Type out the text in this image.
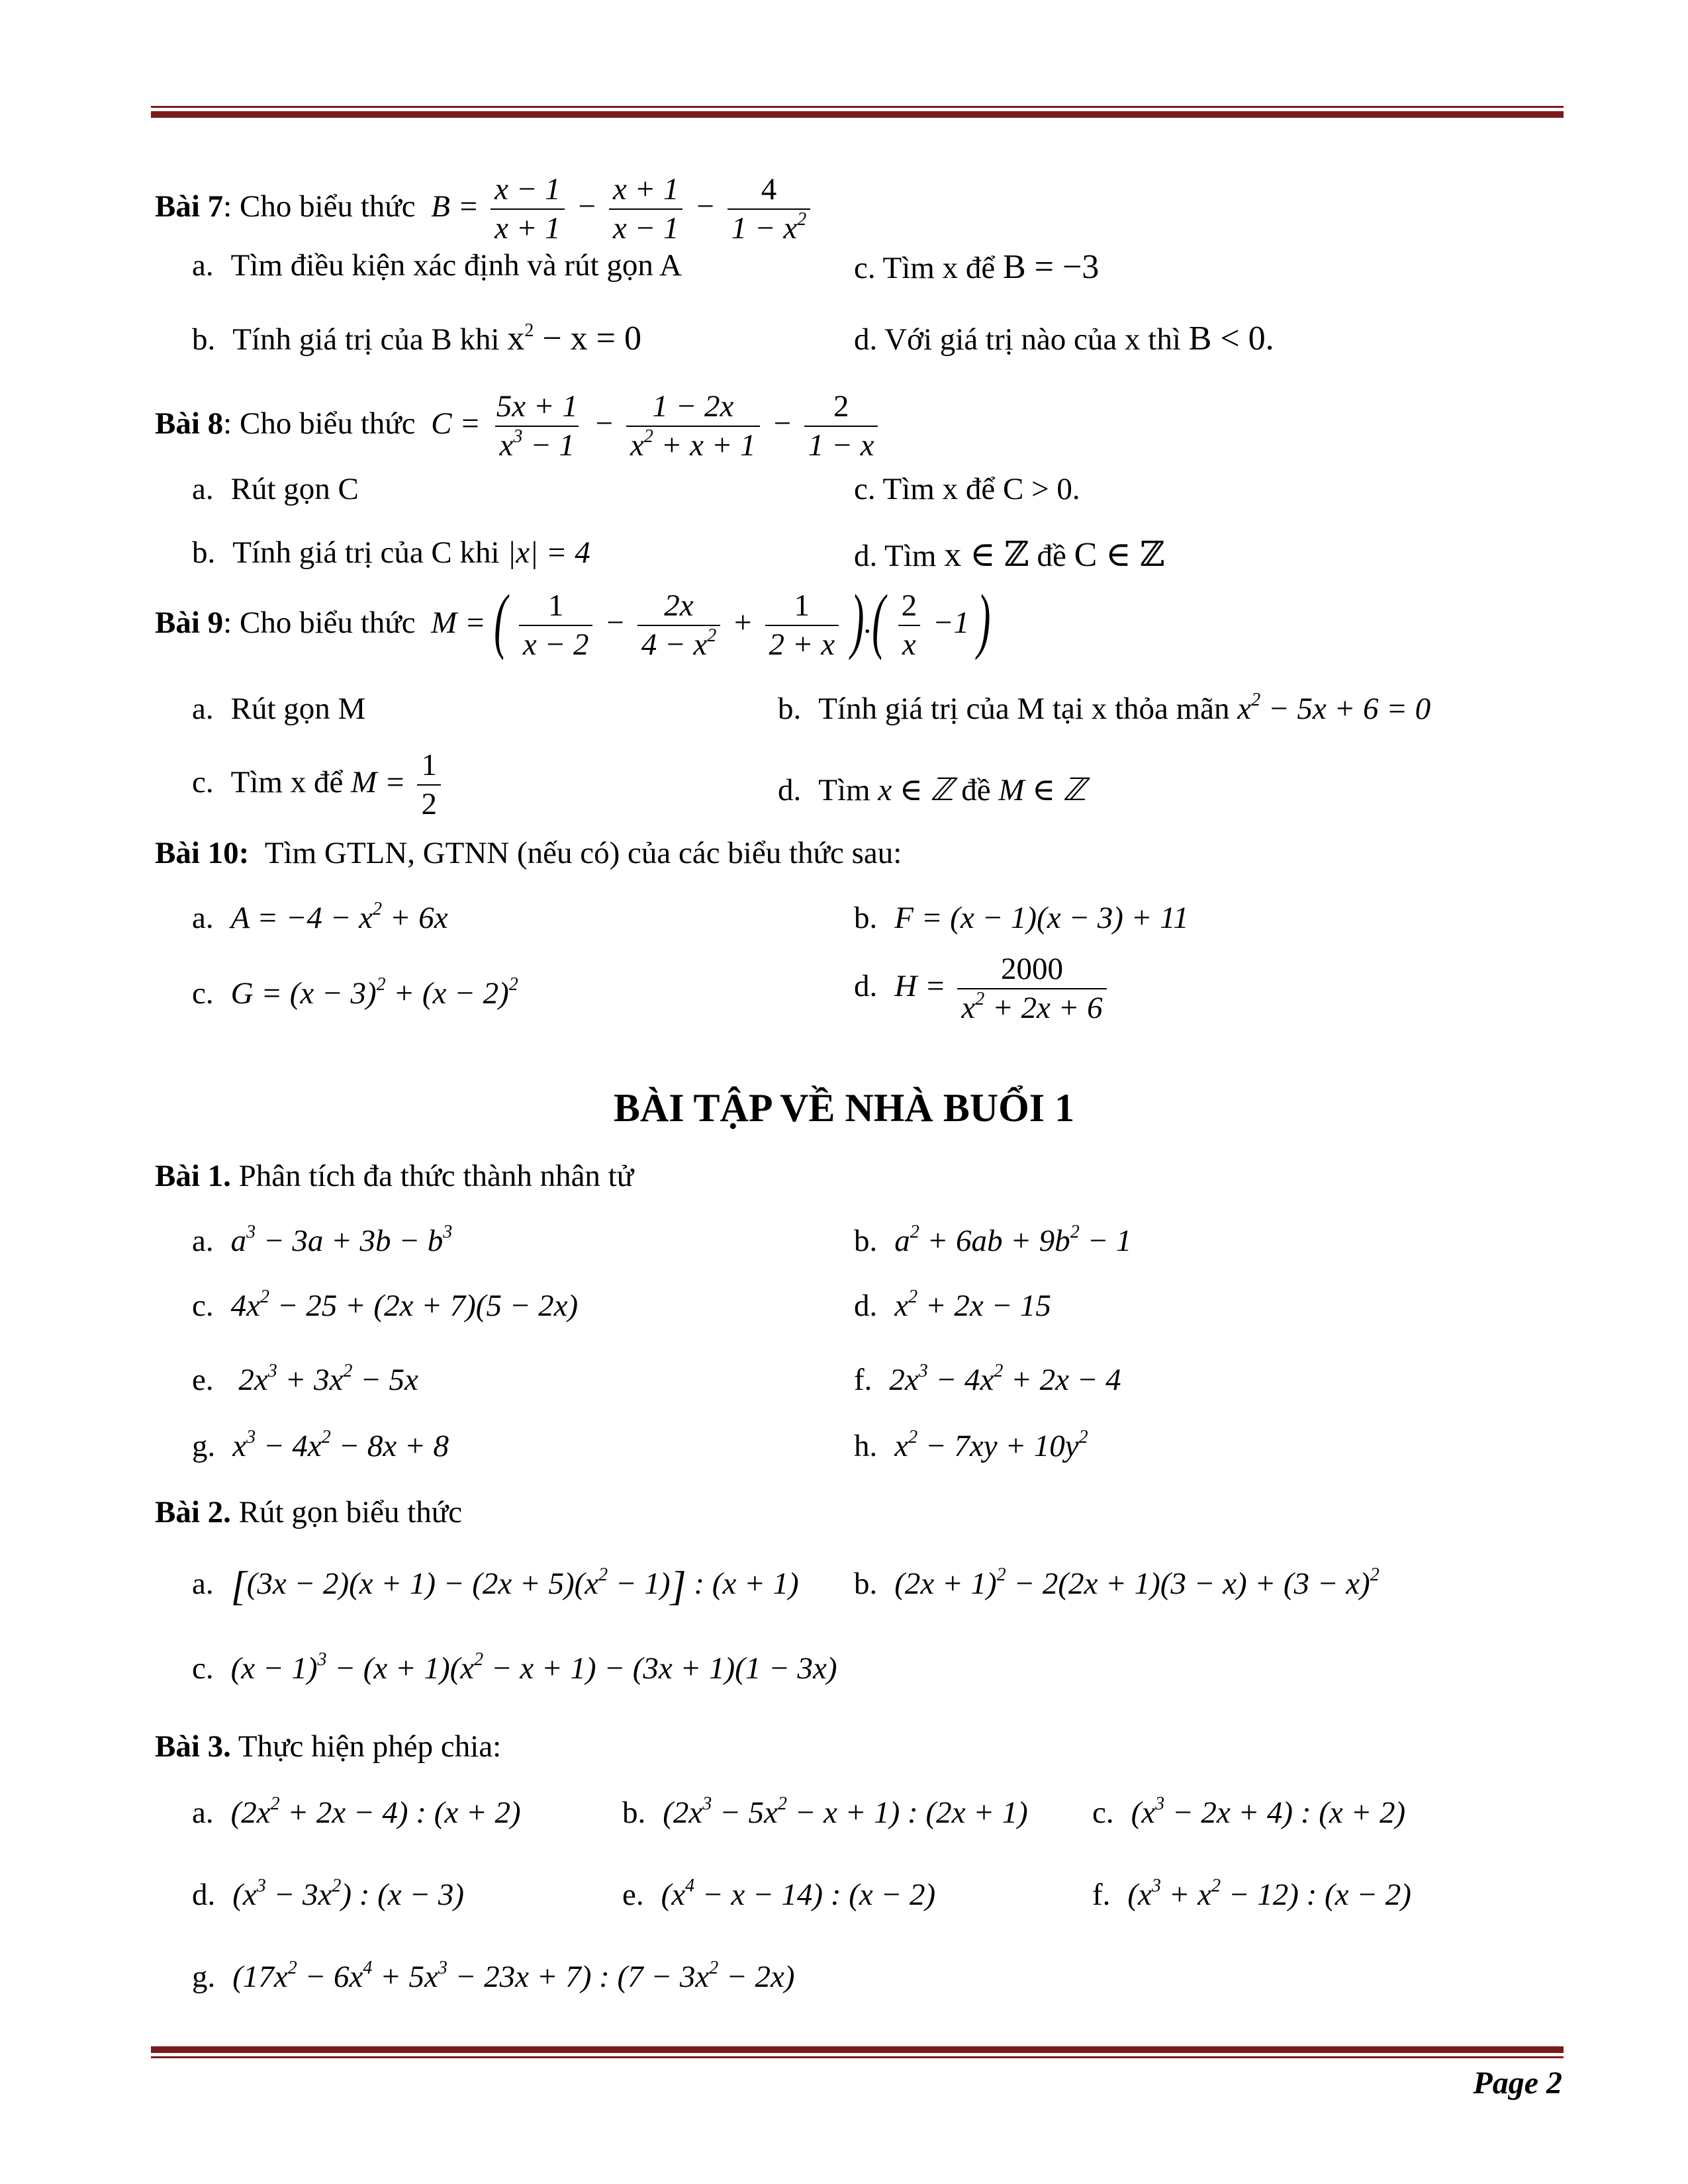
Bài 7: Cho biểu thức $B = \frac{x - 1}{x + 1} - \frac{x + 1}{x - 1} - \frac{4}{1 - x^2}$
a. Tìm điều kiện xác định và rút gọn A	c. Tìm x để B = −3
b. Tính giá trị của B khi $x^2 - x = 0$	d. Với giá trị nào của x thì B < 0.
Bài 8: Cho biểu thức $C = \frac{5x + 1}{x^3 - 1} - \frac{1 - 2x}{x^2 + x + 1} - \frac{2}{1 - x}$
a. Rút gọn C	c. Tìm x để C > 0.
b. Tính giá trị của C khi |x| = 4	d. Tìm x ∈ ℤ đề C ∈ ℤ
Bài 9: Cho biểu thức M = ( $\frac{1}{x - 2} - \frac{2x}{4 - x^2} + \frac{1}{2 + x}$ ).( $\frac{2}{x} -1$ )
a. Rút gọn M	b. Tính giá trị của M tại x thỏa mãn $x^2 - 5x + 6 = 0$
c. Tìm x để $M = \frac{1}{2}$	d. Tìm x ∈ ℤ đề M ∈ ℤ
Bài 10: Tìm GTLN, GTNN (nếu có) của các biểu thức sau:
a. $A = -4 - x^2 + 6x$	b. F = (x − 1)(x − 3) + 11
c. $G = (x - 3)^2 + (x - 2)^2$	d. $H = \frac{2000}{x^2 + 2x + 6}$
BÀI TẬP VỀ NHÀ BUỔI 1
Bài 1. Phân tích đa thức thành nhân tử
a. $a^3 - 3a + 3b - b^3$	b. $a^2 + 6ab + 9b^2 - 1$
c. $4x^2 - 25 + (2x + 7)(5 - 2x)$	d. $x^2 + 2x - 15$
e. $2x^3 + 3x^2 - 5x$	f. $2x^3 - 4x^2 + 2x - 4$
g. $x^3 - 4x^2 - 8x + 8$	h. $x^2 - 7xy + 10y^2$
Bài 2. Rút gọn biểu thức
a. $[(3x - 2)(x + 1) - (2x + 5)(x^2 - 1)]$ : (x + 1) b. $(2x + 1)^2 - 2(2x + 1)(3 - x) + (3 - x)^2$
c. $(x - 1)^3 - (x + 1)(x^2 - x + 1) - (3x + 1)(1 - 3x)$
Bài 3. Thực hiện phép chia:
a. $(2x^2 + 2x - 4)$ : (x + 2)	b. $(2x^3 - 5x^2 - x + 1)$ : (2x + 1) c. $(x^3 - 2x + 4)$ : (x + 2)
d. $(x^3 - 3x^2)$ : (x − 3)	e. $(x^4 - x - 14)$ : (x − 2)	f. $(x^3 + x^2 - 12)$ : (x − 2)
g. $(17x^2 - 6x^4 + 5x^3 - 23x + 7)$ : $(7 - 3x^2 - 2x)$
Page 2
